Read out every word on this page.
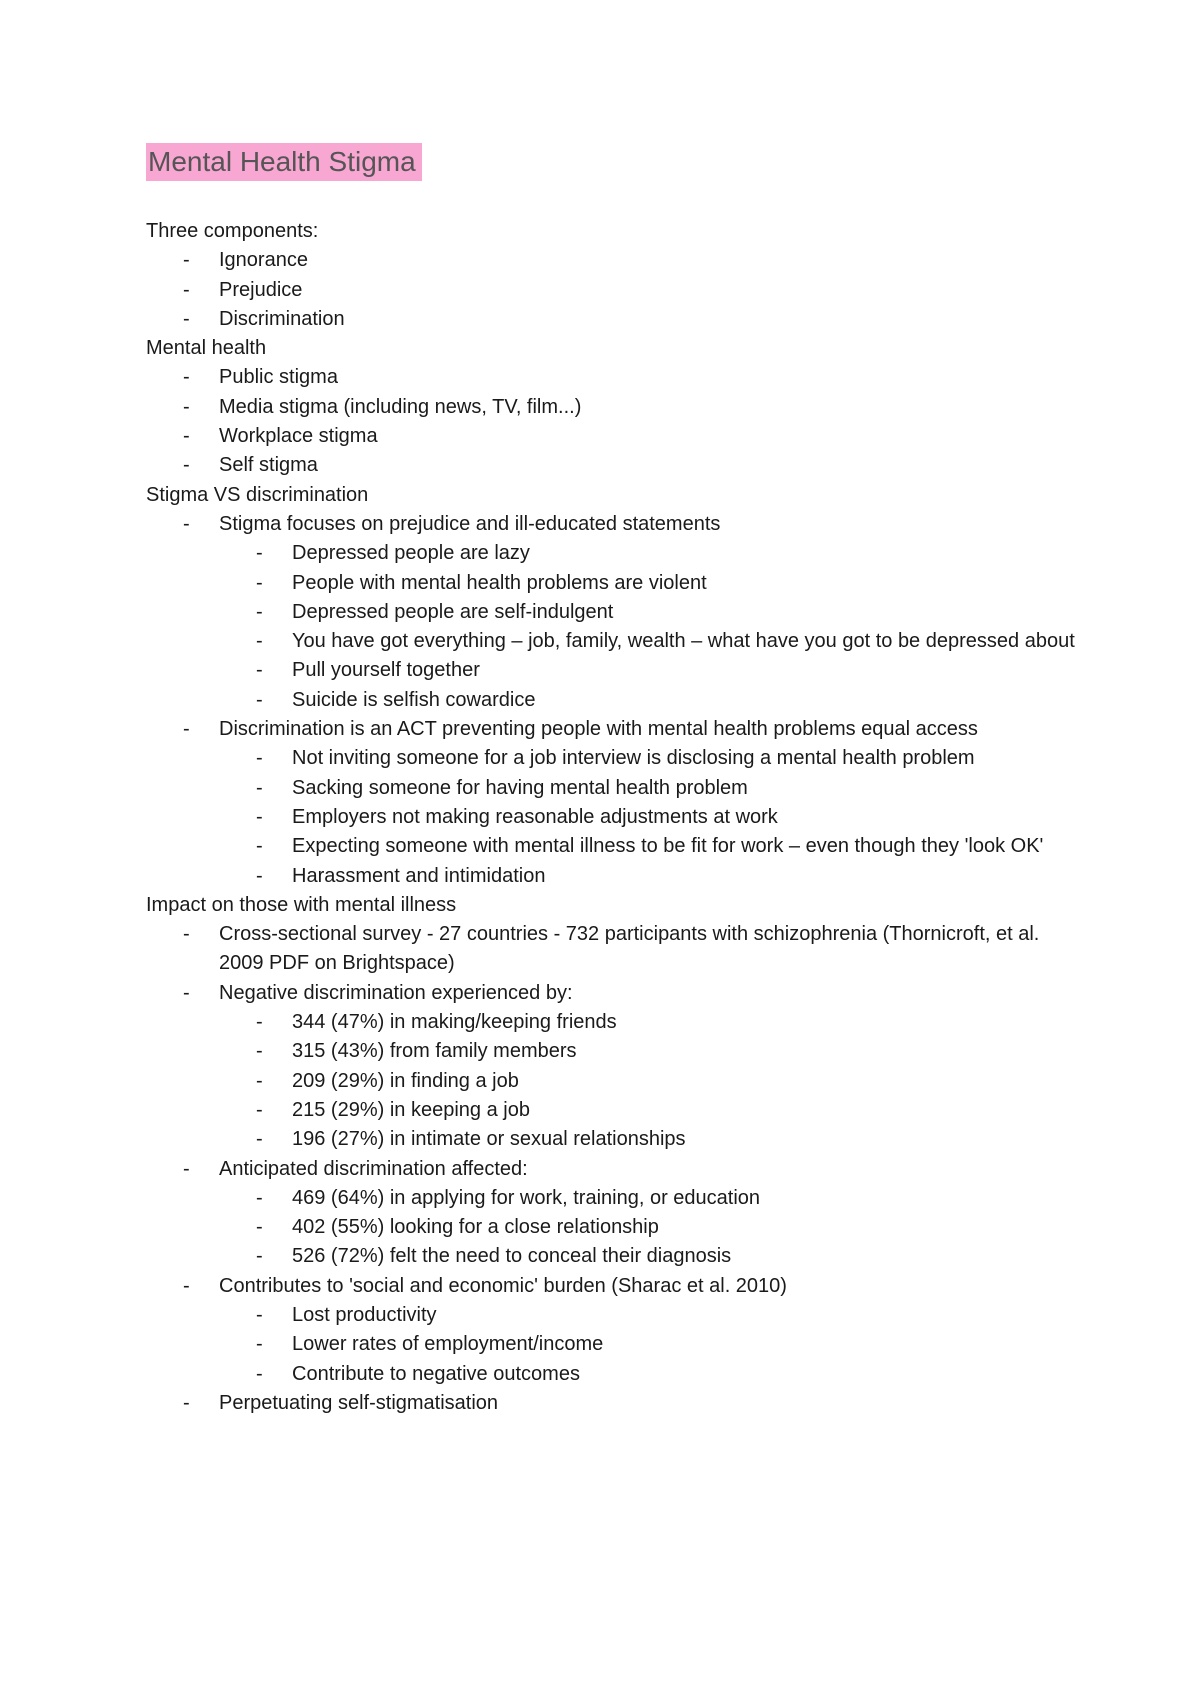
Mental Health Stigma

Three components:

- Ignorance
- Prejudice
- Discrimination

Mental health

- Public stigma
- Media stigma (including news, TV, film...)
- Workplace stigma
- Self stigma

Stigma VS discrimination

- Stigma focuses on prejudice and ill-educated statements
- Depressed people are lazy
- People with mental health problems are violent
- Depressed people are self-indulgent
- You have got everything – job, family, wealth – what have you got to be depressed about
- Pull yourself together
- Suicide is selfish cowardice
- Discrimination is an ACT preventing people with mental health problems equal access
- Not inviting someone for a job interview is disclosing a mental health problem
- Sacking someone for having mental health problem
- Employers not making reasonable adjustments at work
- Expecting someone with mental illness to be fit for work – even though they 'look OK'
- Harassment and intimidation

Impact on those with mental illness

- Cross-sectional survey - 27 countries - 732 participants with schizophrenia (Thornicroft, et al. 2009 PDF on Brightspace)
- Negative discrimination experienced by:
- 344 (47%) in making/keeping friends
- 315 (43%) from family members
- 209 (29%) in finding a job
- 215 (29%) in keeping a job
- 196 (27%) in intimate or sexual relationships
- Anticipated discrimination affected:
- 469 (64%) in applying for work, training, or education
- 402 (55%) looking for a close relationship
- 526 (72%) felt the need to conceal their diagnosis
- Contributes to 'social and economic' burden (Sharac et al. 2010)
- Lost productivity
- Lower rates of employment/income
- Contribute to negative outcomes
- Perpetuating self-stigmatisation
